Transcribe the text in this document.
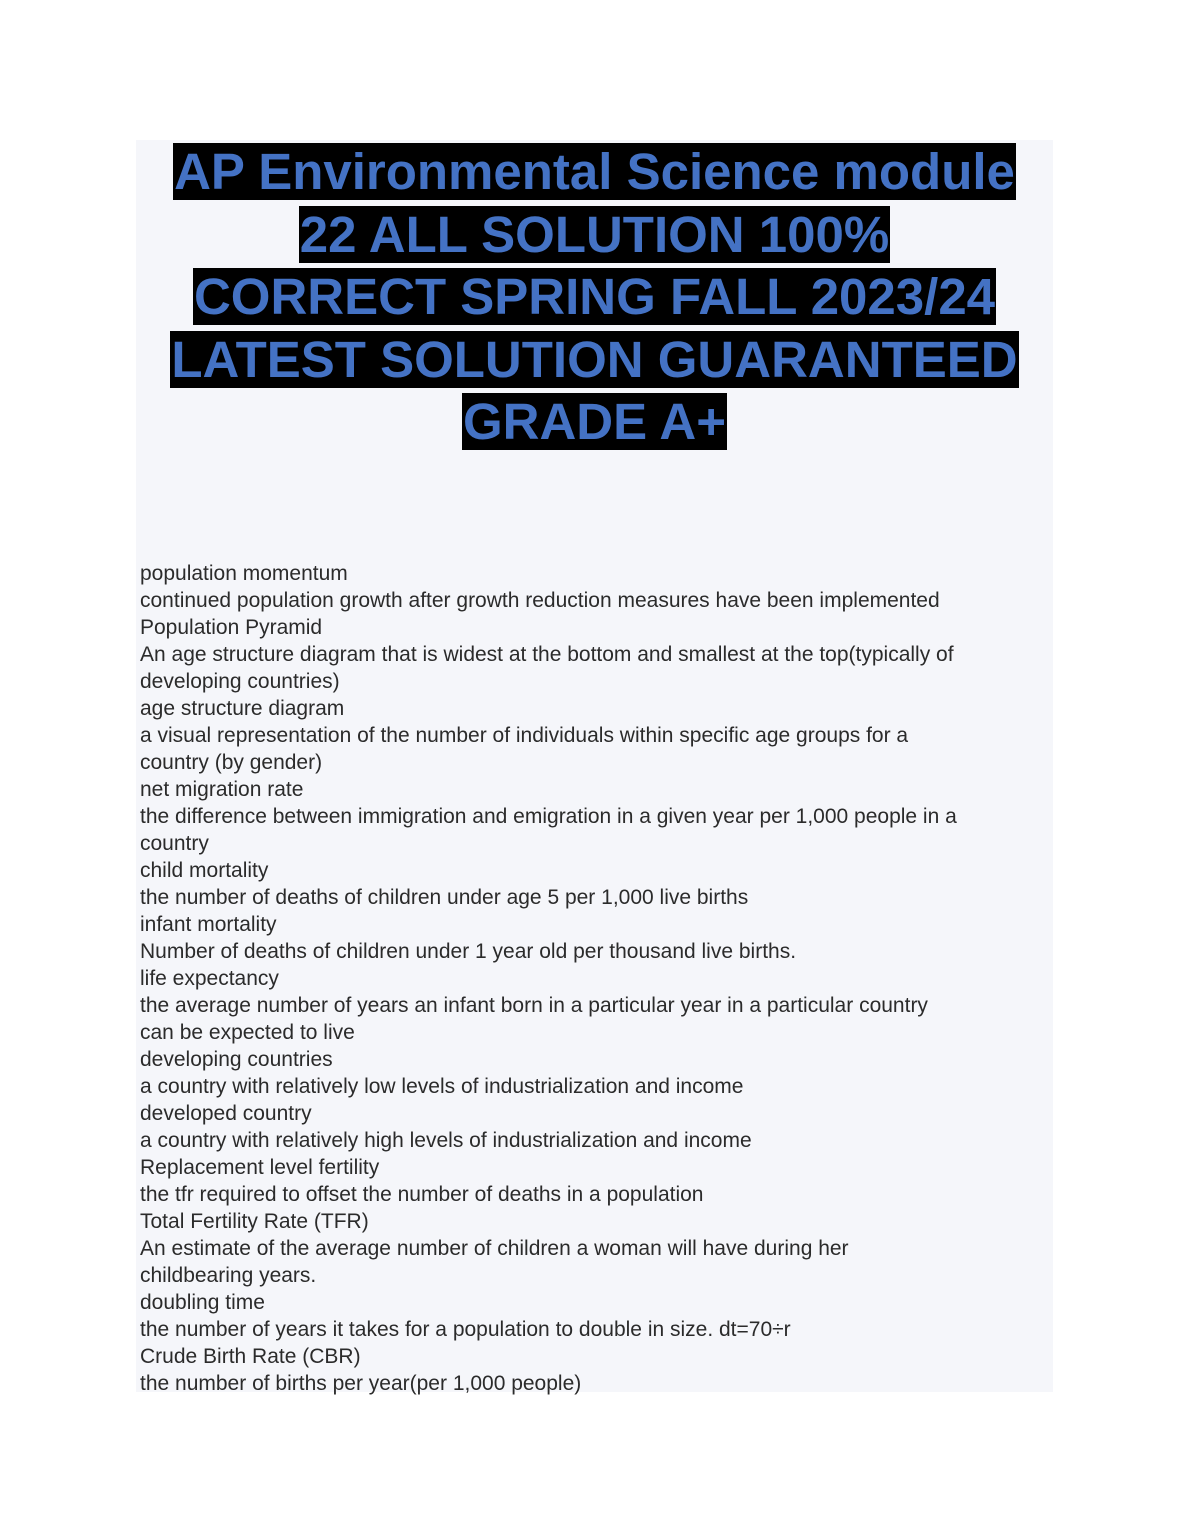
AP Environmental Science module
22 ALL SOLUTION 100%
CORRECT SPRING FALL 2023/24
LATEST SOLUTION GUARANTEED
GRADE A+
population momentum
continued population growth after growth reduction measures have been implemented
Population Pyramid
An age structure diagram that is widest at the bottom and smallest at the top(typically of
developing countries)
age structure diagram
a visual representation of the number of individuals within specific age groups for a
country (by gender)
net migration rate
the difference between immigration and emigration in a given year per 1,000 people in a
country
child mortality
the number of deaths of children under age 5 per 1,000 live births
infant mortality
Number of deaths of children under 1 year old per thousand live births.
life expectancy
the average number of years an infant born in a particular year in a particular country
can be expected to live
developing countries
a country with relatively low levels of industrialization and income
developed country
a country with relatively high levels of industrialization and income
Replacement level fertility
the tfr required to offset the number of deaths in a population
Total Fertility Rate (TFR)
An estimate of the average number of children a woman will have during her
childbearing years.
doubling time
the number of years it takes for a population to double in size. dt=70÷r
Crude Birth Rate (CBR)
the number of births per year(per 1,000 people)
